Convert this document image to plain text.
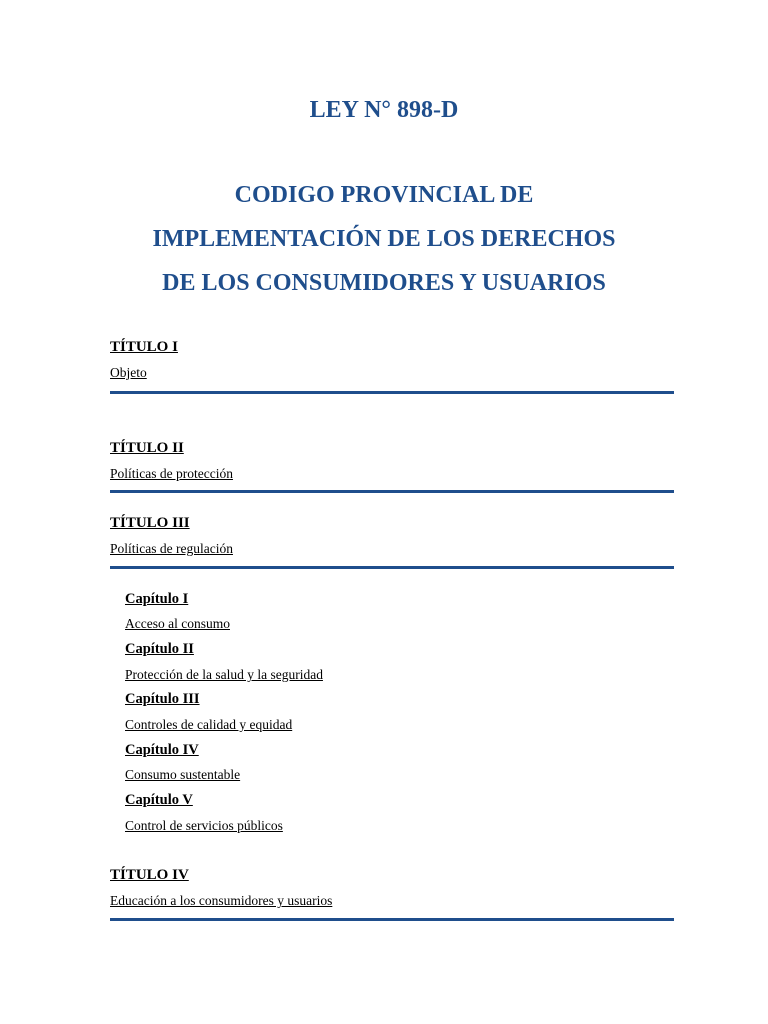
LEY N° 898-D
CODIGO PROVINCIAL DE
IMPLEMENTACIÓN DE LOS DERECHOS
DE LOS CONSUMIDORES Y USUARIOS
TÍTULO I
Objeto
TÍTULO II
Políticas de protección
TÍTULO III
Políticas de regulación
Capítulo I
Acceso al consumo
Capítulo II
Protección de la salud y la seguridad
Capítulo III
Controles de calidad y equidad
Capítulo IV
Consumo sustentable
Capítulo V
Control de servicios públicos
TÍTULO IV
Educación a los consumidores y usuarios
